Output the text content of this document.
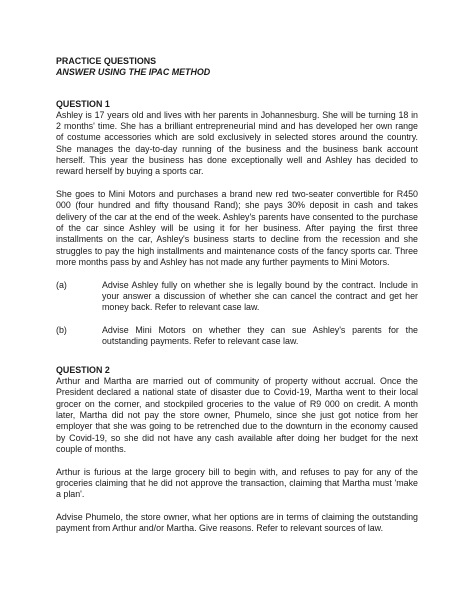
PRACTICE QUESTIONS
ANSWER USING THE IPAC METHOD
QUESTION 1

Ashley is 17 years old and lives with her parents in Johannesburg. She will be turning 18 in 2 months' time. She has a brilliant entrepreneurial mind and has developed her own range of costume accessories which are sold exclusively in selected stores around the country. She manages the day-to-day running of the business and the business bank account herself. This year the business has done exceptionally well and Ashley has decided to reward herself by buying a sports car.

She goes to Mini Motors and purchases a brand new red two-seater convertible for R450 000 (four hundred and fifty thousand Rand); she pays 30% deposit in cash and takes delivery of the car at the end of the week. Ashley's parents have consented to the purchase of the car since Ashley will be using it for her business. After paying the first three installments on the car, Ashley's business starts to decline from the recession and she struggles to pay the high installments and maintenance costs of the fancy sports car. Three more months pass by and Ashley has not made any further payments to Mini Motors.

(a)	Advise Ashley fully on whether she is legally bound by the contract. Include in your answer a discussion of whether she can cancel the contract and get her money back. Refer to relevant case law.
(b)	Advise Mini Motors on whether they can sue Ashley's parents for the outstanding payments. Refer to relevant case law.
QUESTION 2

Arthur and Martha are married out of community of property without accrual. Once the President declared a national state of disaster due to Covid-19, Martha went to their local grocer on the corner, and stockpiled groceries to the value of R9 000 on credit. A month later, Martha did not pay the store owner, Phumelo, since she just got notice from her employer that she was going to be retrenched due to the downturn in the economy caused by Covid-19, so she did not have any cash available after doing her budget for the next couple of months.

Arthur is furious at the large grocery bill to begin with, and refuses to pay for any of the groceries claiming that he did not approve the transaction, claiming that Martha must 'make a plan'.

Advise Phumelo, the store owner, what her options are in terms of claiming the outstanding payment from Arthur and/or Martha. Give reasons. Refer to relevant sources of law.
